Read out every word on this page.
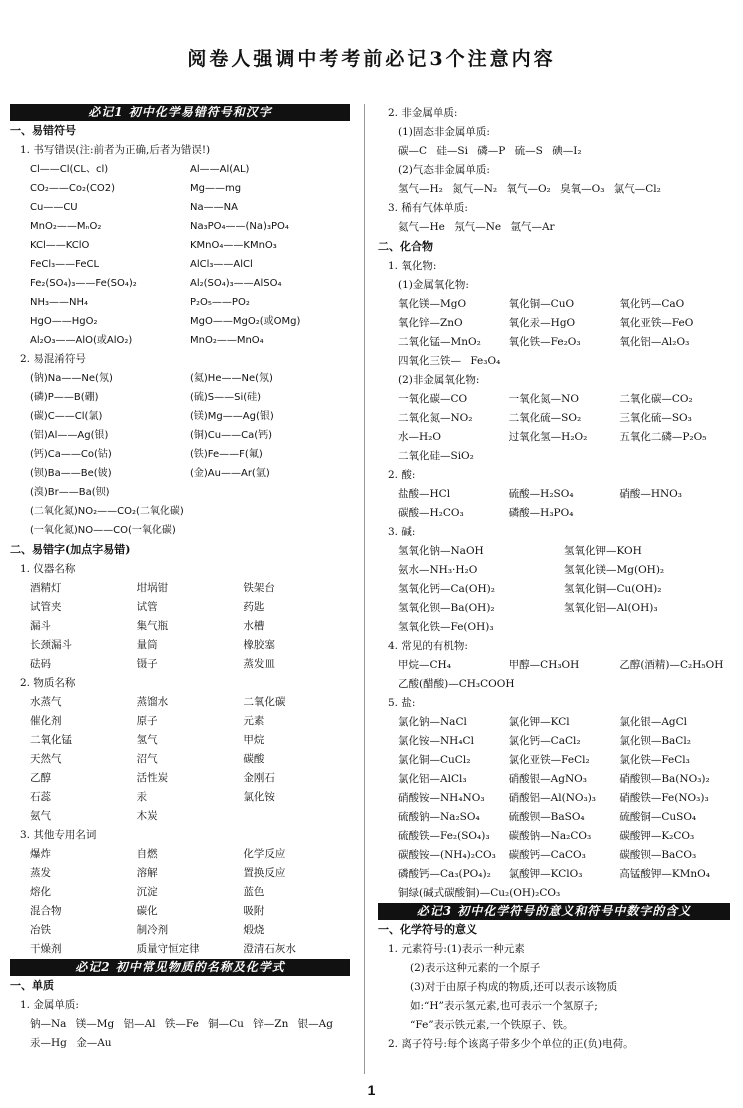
阅卷人强调中考考前必记3个注意内容
必记1 初中化学易错符号和汉字
一、易错符号
1. 书写错误(注:前者为正确,后者为错误!)
Cl——Cl(CL、cl)	Al——Al(AL)
CO₂——Co₂(CO2)	Mg——mg
Cu——CU	Na——NA
MnO₂——MₙO₂	Na₃PO₄——(Na)₃PO₄
KCl——KClO	KMnO₄——KMnO₃
FeCl₃——FeCL	AlCl₃——AlCl
Fe₂(SO₄)₃——Fe(SO₄)₂	Al₂(SO₄)₃——AlSO₄
NH₃——NH₄	P₂O₅——PO₂
HgO——HgO₂	MgO——MgO₂(或OMg)
Al₂O₃——AlO(或AlO₂)	MnO₂——MnO₄
2. 易混淆符号
(钠)Na——Ne(氖)	(氦)He——Ne(氖)
(磷)P——B(硼)	(硫)S——Si(硅)
(碳)C——Cl(氯)	(镁)Mg——Ag(银)
(铝)Al——Ag(银)	(铜)Cu——Ca(钙)
(钙)Ca——Co(钴)	(铁)Fe——F(氟)
(钡)Ba——Be(铍)	(金)Au——Ar(氩)
(溴)Br——Ba(钡)
(二氧化氮)NO₂——CO₂(二氧化碳)
(一氧化氮)NO——CO(一氧化碳)
二、易错字(加点字易错)
1. 仪器名称
酒精灯	坩埚钳	铁架台
试管夹	试管	药匙
漏斗	集气瓶	水槽
长颈漏斗	量筒	橡胶塞
砝码	镊子	蒸发皿
2. 物质名称
水蒸气	蒸馏水	二氧化碳
催化剂	原子	元素
二氧化锰	氢气	甲烷
天然气	沼气	碳酸
乙醇	活性炭	金刚石
石蕊	汞	氯化铵
氨气	木炭
3. 其他专用名词
爆炸	自燃	化学反应
蒸发	溶解	置换反应
熔化	沉淀	蓝色
混合物	碳化	吸附
冶铁	制冷剂	煅烧
干燥剂	质量守恒定律	澄清石灰水
必记2 初中常见物质的名称及化学式
一、单质
1. 金属单质:
钠—Na 镁—Mg 铝—Al 铁—Fe 铜—Cu 锌—Zn 银—Ag
汞—Hg 金—Au
2. 非金属单质:
(1)固态非金属单质:
碳—C 硅—Si 磷—P 硫—S 碘—I₂
(2)气态非金属单质:
氢气—H₂ 氮气—N₂ 氧气—O₂ 臭氧—O₃ 氯气—Cl₂
3. 稀有气体单质:
氦气—He 氖气—Ne 氩气—Ar
二、化合物
1. 氧化物:
(1)金属氧化物:
氧化镁—MgO	氧化铜—CuO	氧化钙—CaO
氧化锌—ZnO	氧化汞—HgO	氧化亚铁—FeO
二氧化锰—MnO₂	氧化铁—Fe₂O₃	氧化铝—Al₂O₃
四氧化三铁— Fe₃O₄
(2)非金属氧化物:
一氧化碳—CO	一氧化氮—NO	二氧化碳—CO₂
二氧化氮—NO₂	二氧化硫—SO₂	三氧化硫—SO₃
水—H₂O	过氧化氢—H₂O₂	五氧化二磷—P₂O₅
二氧化硅—SiO₂
2. 酸:
盐酸—HCl	硫酸—H₂SO₄	硝酸—HNO₃
碳酸—H₂CO₃	磷酸—H₃PO₄
3. 碱:
氢氧化钠—NaOH	氢氧化钾—KOH
氨水—NH₃·H₂O	氢氧化镁—Mg(OH)₂
氢氧化钙—Ca(OH)₂	氢氧化铜—Cu(OH)₂
氢氧化钡—Ba(OH)₂	氢氧化铝—Al(OH)₃
氢氧化铁—Fe(OH)₃
4. 常见的有机物:
甲烷—CH₄	甲醇—CH₃OH	乙醇(酒精)—C₂H₅OH
乙酸(醋酸)—CH₃COOH
5. 盐:
氯化钠—NaCl	氯化钾—KCl	氯化银—AgCl
氯化铵—NH₄Cl	氯化钙—CaCl₂	氯化钡—BaCl₂
氯化铜—CuCl₂	氯化亚铁—FeCl₂	氯化铁—FeCl₃
氯化铝—AlCl₃	硝酸银—AgNO₃	硝酸钡—Ba(NO₃)₂
硝酸铵—NH₄NO₃	硝酸铝—Al(NO₃)₃	硝酸铁—Fe(NO₃)₃
硫酸钠—Na₂SO₄	硫酸钡—BaSO₄	硫酸铜—CuSO₄
硫酸铁—Fe₂(SO₄)₃	碳酸钠—Na₂CO₃	碳酸钾—K₂CO₃
碳酸铵—(NH₄)₂CO₃	碳酸钙—CaCO₃	碳酸钡—BaCO₃
磷酸钙—Ca₃(PO₄)₂	氯酸钾—KClO₃	高锰酸钾—KMnO₄
铜绿(碱式碳酸铜)—Cu₂(OH)₂CO₃
必记3 初中化学符号的意义和符号中数字的含义
一、化学符号的意义
1. 元素符号:(1)表示一种元素
(2)表示这种元素的一个原子
(3)对于由原子构成的物质,还可以表示该物质
如:“H”表示氢元素,也可表示一个氢原子;
“Fe”表示铁元素,一个铁原子、铁。
2. 离子符号:每个该离子带多少个单位的正(负)电荷。
1
